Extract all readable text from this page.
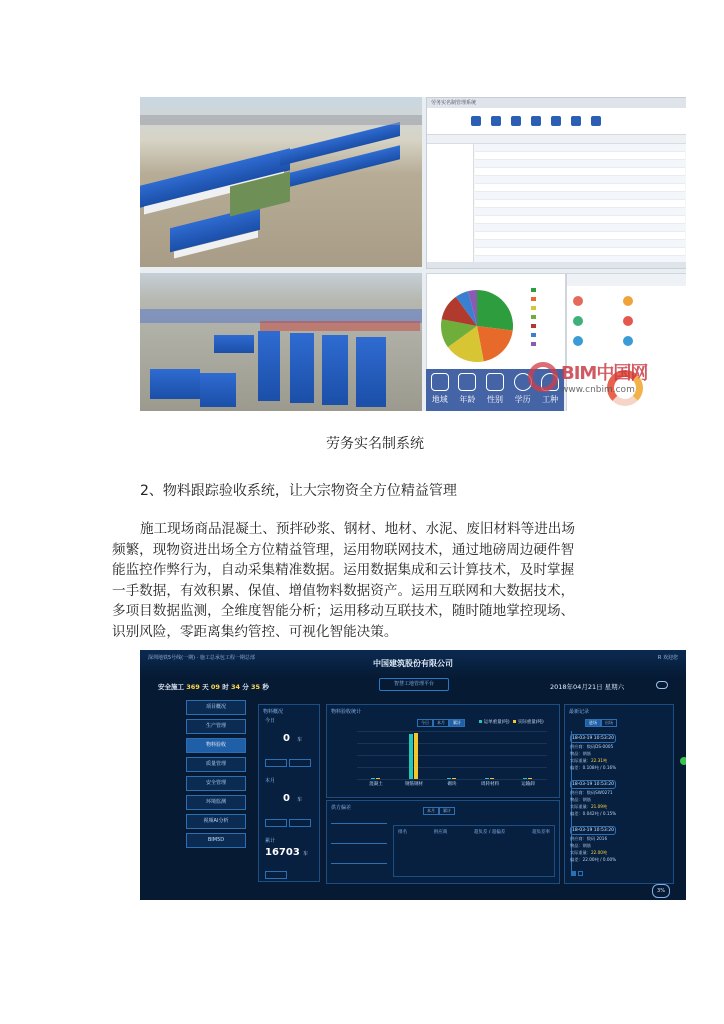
劳务实名制管理系统
地域	年龄	性别	学历	工种
BIM中国网
www.cnbim.com
劳务实名制系统
2、物料跟踪验收系统，让大宗物资全方位精益管理
施工现场商品混凝土、预拌砂浆、钢材、地材、水泥、废旧材料等进出场
频繁，现物资进出场全方位精益管理，运用物联网技术，通过地磅周边硬件智
能监控作弊行为，自动采集精准数据。运用数据集成和云计算技术，及时掌握
一手数据，有效积累、保值、增值物料数据资产。运用互联网和大数据技术，
多项目数据监测，全维度智能分析；运用移动互联技术，随时随地掌控现场、
识别风险，零距离集约管控、可视化智能决策。
深圳地铁5号线(一期) · 施工总承包工程一期总部	R 欢迎您
中国建筑股份有限公司
智慧工地管理平台
安全施工 369 天 09 时 34 分 35 秒	2018年04月21日 星期六
项目概况
生产管理
物料验收
质量管理
安全管理
环境监测
视频AI分析
BIM5D
物料概况
今日
0 车
本月
0 车
累计
16703 车
物料验收统计
今日	本月	累计	运单重量(吨) 实际重量(吨)
混凝土	钢筋钢材	砌块	周转材料	运输卸
供方偏差	本月	累计
排名	供应商	超负差 / 超偏差	超负差率
最新记录
进场	出场

18-03-19 10:53:20
供应商：数码DS-0005
物品：钢筋
实际重量：22.31吨
偏差：0.108吨 / 0.16%
18-03-19 10:53:20
供应商：数码SW0271
物品：钢筋
实际重量：21.09吨
偏差：0.042吨 / 0.15%
18-03-19 10:53:20
供应商：数码 2016
物品：钢筋
实际重量：22.00吨
偏差：22.00吨 / 0.00%
3%
